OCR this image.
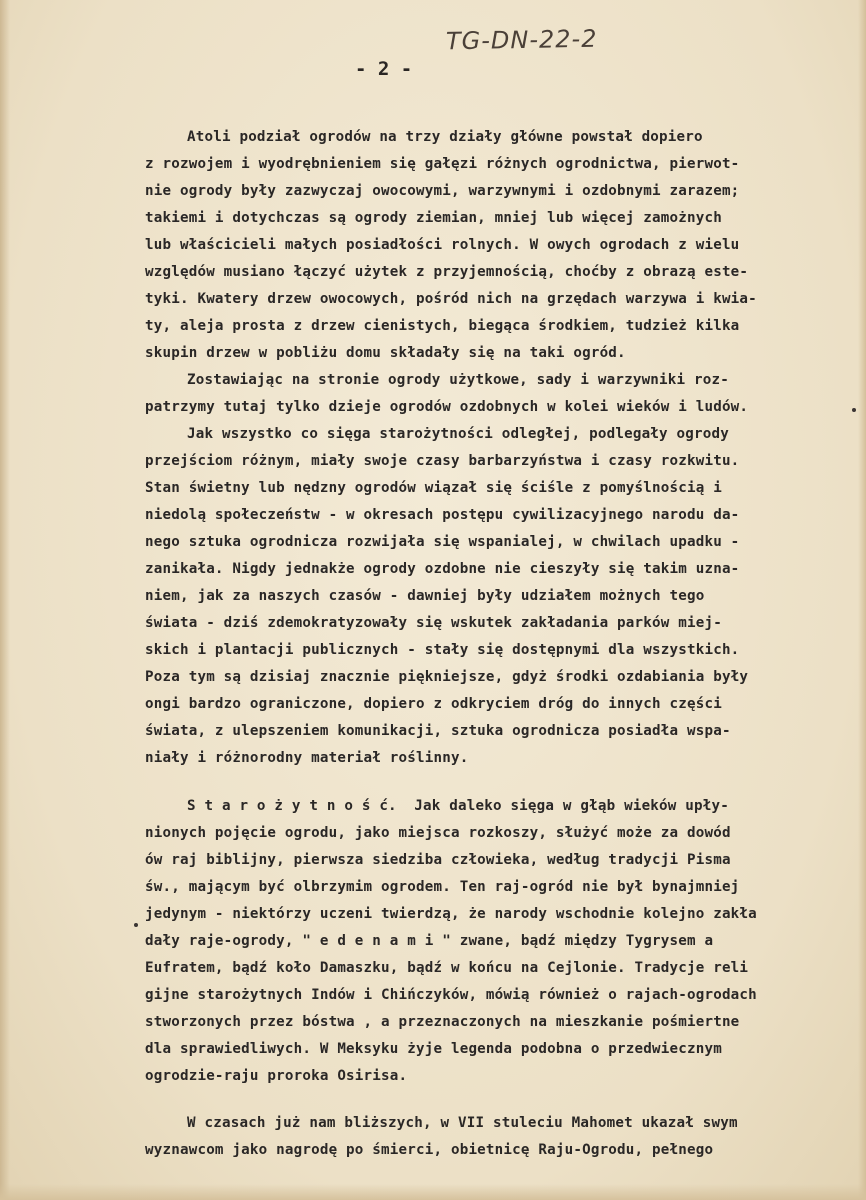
TG-DN-22-2
- 2 -
Atoli podział ogrodów na trzy działy główne powstał dopiero
z rozwojem i wyodrębnieniem się gałęzi różnych ogrodnictwa, pierwot-
nie ogrody były zazwyczaj owocowymi, warzywnymi i ozdobnymi zarazem;
takiemi i dotychczas są ogrody ziemian, mniej lub więcej zamożnych
lub właścicieli małych posiadłości rolnych. W owych ogrodach z wielu
względów musiano łączyć użytek z przyjemnością, choćby z obrazą este-
tyki. Kwatery drzew owocowych, pośród nich na grzędach warzywa i kwia-
ty, aleja prosta z drzew cienistych, biegąca środkiem, tudzież kilka
skupin drzew w pobliżu domu składały się na taki ogród.
Zostawiając na stronie ogrody użytkowe, sady i warzywniki roz-
patrzymy tutaj tylko dzieje ogrodów ozdobnych w kolei wieków i ludów.
Jak wszystko co sięga starożytności odległej, podlegały ogrody
przejściom różnym, miały swoje czasy barbarzyństwa i czasy rozkwitu.
Stan świetny lub nędzny ogrodów wiązał się ściśle z pomyślnością i
niedolą społeczeństw - w okresach postępu cywilizacyjnego narodu da-
nego sztuka ogrodnicza rozwijała się wspanialej, w chwilach upadku -
zanikała. Nigdy jednakże ogrody ozdobne nie cieszyły się takim uzna-
niem, jak za naszych czasów - dawniej były udziałem możnych tego
świata - dziś zdemokratyzowały się wskutek zakładania parków miej-
skich i plantacji publicznych - stały się dostępnymi dla wszystkich.
Poza tym są dzisiaj znacznie piękniejsze, gdyż środki ozdabiania były
ongi bardzo ograniczone, dopiero z odkryciem dróg do innych części
świata, z ulepszeniem komunikacji, sztuka ogrodnicza posiadła wspa-
niały i różnorodny materiał roślinny.
S t a r o ż y t n o ś ć.  Jak daleko sięga w głąb wieków upły-
nionych pojęcie ogrodu, jako miejsca rozkoszy, służyć może za dowód
ów raj biblijny, pierwsza siedziba człowieka, według tradycji Pisma
św., mającym być olbrzymim ogrodem. Ten raj-ogród nie był bynajmniej
jedynym - niektórzy uczeni twierdzą, że narody wschodnie kolejno zakła
dały raje-ogrody, " e d e n a m i " zwane, bądź między Tygrysem a
Eufratem, bądź koło Damaszku, bądź w końcu na Cejlonie. Tradycje reli
gijne starożytnych Indów i Chińczyków, mówią również o rajach-ogrodach
stworzonych przez bóstwa , a przeznaczonych na mieszkanie pośmiertne
dla sprawiedliwych. W Meksyku żyje legenda podobna o przedwiecznym
ogrodzie-raju proroka Osirisa.
W czasach już nam bliższych, w VII stuleciu Mahomet ukazał swym
wyznawcom jako nagrodę po śmierci, obietnicę Raju-Ogrodu, pełnego
